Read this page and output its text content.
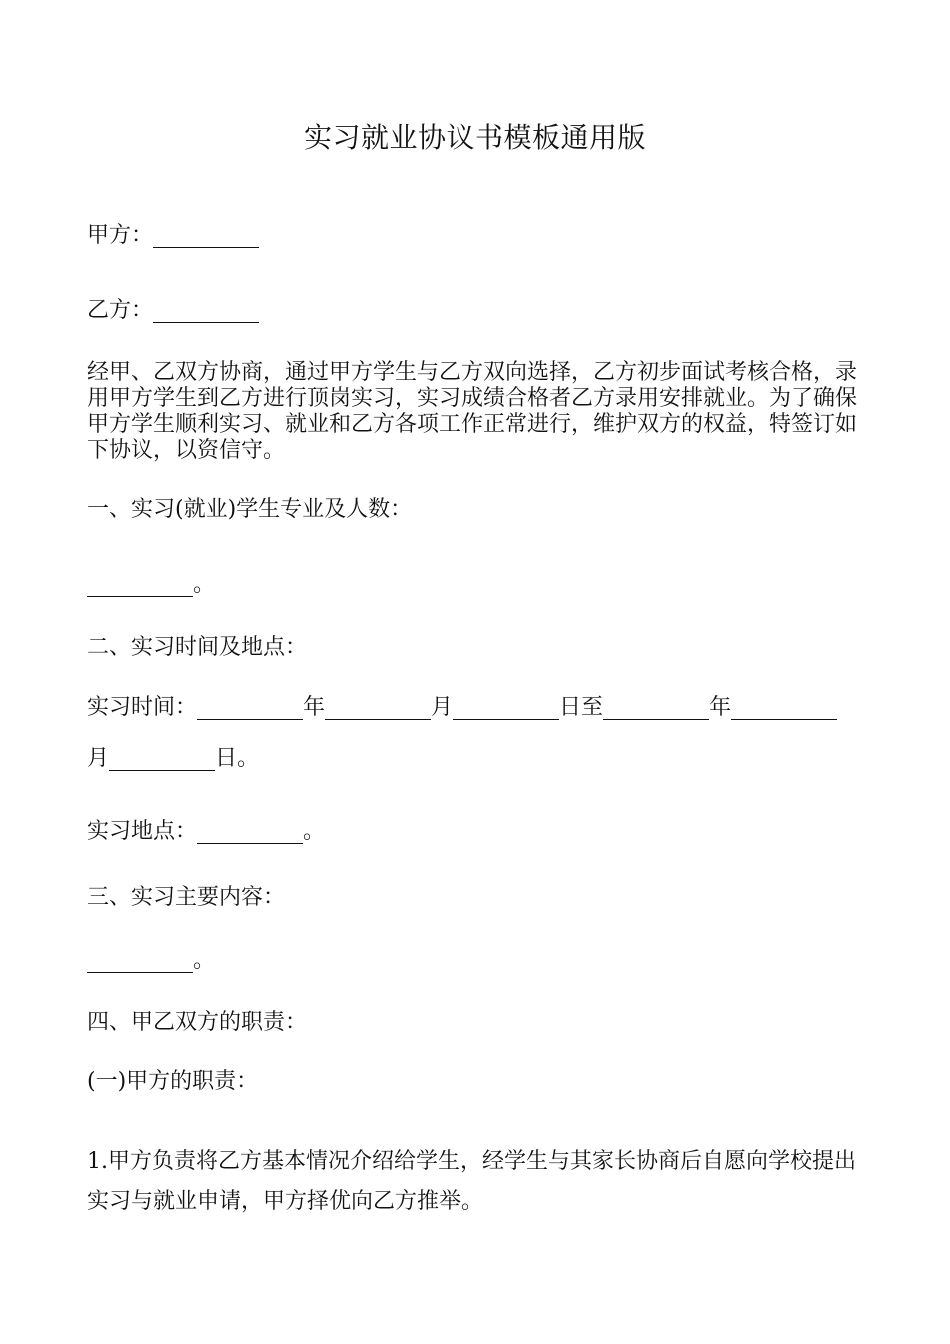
实习就业协议书模板通用版
甲方：
乙方：
经甲、乙双方协商，通过甲方学生与乙方双向选择，乙方初步面试考核合格，录用甲方学生到乙方进行顶岗实习，实习成绩合格者乙方录用安排就业。为了确保甲方学生顺利实习、就业和乙方各项工作正常进行，维护双方的权益，特签订如下协议，以资信守。
一、实习(就业)学生专业及人数：
。
二、实习时间及地点：
实习时间：	年	月	日至	年
月	日。
实习地点：	。
三、实习主要内容：
。
四、甲乙双方的职责：
(一)甲方的职责：
1.甲方负责将乙方基本情况介绍给学生，经学生与其家长协商后自愿向学校提出实习与就业申请，甲方择优向乙方推举。
